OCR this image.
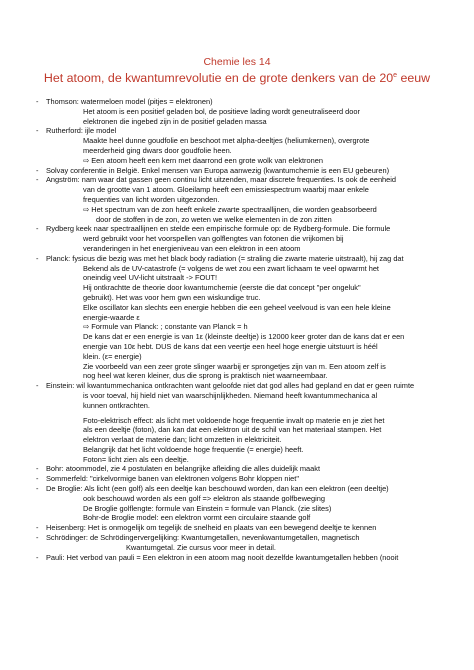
Chemie les 14
Het atoom, de kwantumrevolutie en de grote denkers van de 20e eeuw
- Thomson: watermeloen model (pitjes = elektronen)
Het atoom is een positief geladen bol, de positieve lading wordt geneutraliseerd door
elektronen die ingebed zijn in de positief geladen massa
- Rutherford: ijle model
Maakte heel dunne goudfolie en beschoot met alpha-deeltjes (heliumkernen), overgrote
meerderheid ging dwars door goudfolie heen.
⇨ Een atoom heeft een kern met daarrond een grote wolk van elektronen
- Solvay conferentie in België. Enkel mensen van Europa aanwezig (kwantumchemie is een EU gebeuren)
- Angström: nam waar dat gassen geen continu licht uitzenden, maar discrete frequenties. Is ook de eenheid
van de grootte van 1 atoom. Gloeilamp heeft een emissiespectrum waarbij maar enkele
frequenties van licht worden uitgezonden.
⇨ Het spectrum van de zon heeft enkele zwarte spectraallijnen, die worden geabsorbeerd
door de stoffen in de zon, zo weten we welke elementen in de zon zitten
- Rydberg keek naar spectraallijnen en stelde een empirische formule op: de Rydberg-formule. Die formule
werd gebruikt voor het voorspellen van golflengtes van fotonen die vrijkomen bij
veranderingen in het energieniveau van een elektron in een atoom
- Planck: fysicus die bezig was met het black body radiation (= straling die zwarte materie uitstraalt), hij zag dat
Bekend als de UV-catastrofe (= volgens de wet zou een zwart lichaam te veel opwarmt het
oneindig veel UV-licht uitstraalt -> FOUT!
Hij ontkrachtte de theorie door kwantumchemie (eerste die dat concept "per ongeluk"
gebruikt). Het was voor hem gwn een wiskundige truc.
Elke oscillator kan slechts een energie hebben die een geheel veelvoud is van een hele kleine
energie-waarde ε
⇨ Formule van Planck: ; constante van Planck = h
De kans dat er een energie is van 1ε (kleinste deeltje) is 12000 keer groter dan de kans dat er een
energie van 10ε hebt. DUS de kans dat een veertje een heel hoge energie uitstuurt is héél
klein. (ε= energie)
Zie voorbeeld van een zeer grote slinger waarbij er sprongetjes zijn van m. Een atoom zelf is
nog heel wat keren kleiner, dus die sprong is praktisch niet waarneembaar.
- Einstein: wil kwantummechanica ontkrachten want geloofde niet dat god alles had gepland en dat er geen ruimte
is voor toeval, hij hield niet van waarschijnlijkheden. Niemand heeft kwantummechanica al
kunnen ontkrachten.
Foto-elektrisch effect: als licht met voldoende hoge frequentie invalt op materie en je ziet het
als een deeltje (foton), dan kan dat een elektron uit de schil van het materiaal stampen. Het
elektron verlaat de materie dan; licht omzetten in elektriciteit.
Belangrijk dat het licht voldoende hoge frequentie (= energie) heeft.
Foton= licht zien als een deeltje.
- Bohr: atoommodel, zie 4 postulaten en belangrijke afleiding die alles duidelijk maakt
- Sommerfeld: "cirkelvormige banen van elektronen volgens Bohr kloppen niet"
- De Broglie: Als licht (een golf) als een deeltje kan beschouwd worden, dan kan een elektron (een deeltje)
ook beschouwd worden als een golf => elektron als staande golfbeweging
De Broglie golflengte: formule van Einstein = formule van Planck. (zie slites)
Bohr-de Broglie model: een elektron vormt een circulaire staande golf
- Heisenberg: Het is onmogelijk om tegelijk de snelheid en plaats van een bewegend deeltje te kennen
- Schrödinger: de Schrödingervergelijking: Kwantumgetallen, nevenkwantumgetallen, magnetisch
Kwantumgetal. Zie cursus voor meer in detail.
- Pauli: Het verbod van pauli = Een elektron in een atoom mag nooit dezelfde kwantumgetallen hebben (nooit
